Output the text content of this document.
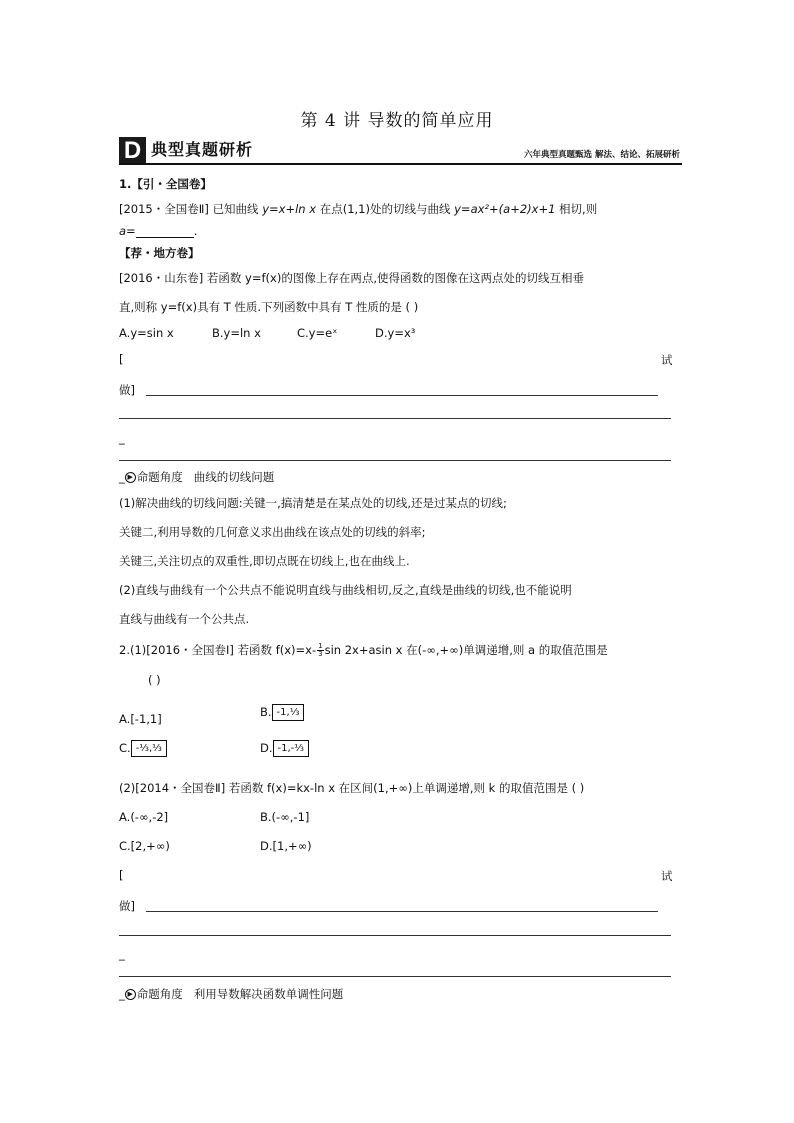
第 4 讲 导数的简单应用
D 典型真题研析	六年典型真题甄选 解法、结论、拓展研析
1.【引・全国卷】
[2015・全国卷Ⅱ] 已知曲线 y=x+ln x 在点(1,1)处的切线与曲线 y=ax²+(a+2)x+1 相切,则
a=	.
【荐・地方卷】
[2016・山东卷] 若函数 y=f(x)的图像上存在两点,使得函数的图像在这两点处的切线互相垂
直,则称 y=f(x)具有 T 性质.下列函数中具有 T 性质的是 ( )
A.y=sin x	B.y=ln x	C.y=eˣ	D.y=x³
[	试
做]
_
_ ▶ 命题角度 曲线的切线问题
(1)解决曲线的切线问题:关键一,搞清楚是在某点处的切线,还是过某点的切线;
关键二,利用导数的几何意义求出曲线在该点处的切线的斜率;
关键三,关注切点的双重性,即切点既在切线上,也在曲线上.
(2)直线与曲线有一个公共点不能说明直线与曲线相切,反之,直线是曲线的切线,也不能说明
直线与曲线有一个公共点.
2.(1)[2016・全国卷Ⅰ] 若函数 $f(x)=x- \frac{1}{3}$ sin 2x+asin x 在(-∞,+∞)单调递增,则 a 的取值范围是
( )
A.[-1,1]	B. -1,⅓
C. -⅓,⅓	D. -1,-⅓
(2)[2014・全国卷Ⅱ] 若函数 f(x)=kx-ln x 在区间(1,+∞)上单调递增,则 k 的取值范围是 ( )
A.(-∞,-2]	B.(-∞,-1]
C.[2,+∞)	D.[1,+∞)
[	试
做]
_
_ ▶ 命题角度 利用导数解决函数单调性问题
